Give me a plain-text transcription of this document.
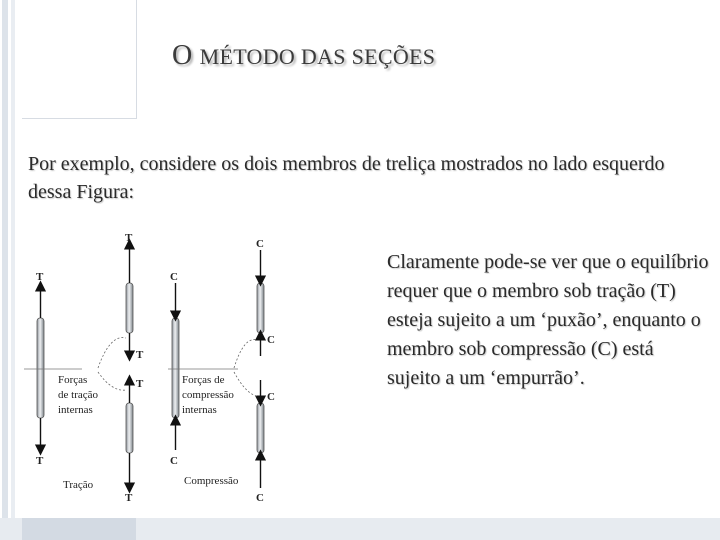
O MÉTODO DAS SEÇÕES

Por exemplo, considere os dois membros de treliça mostrados no lado esquerdo dessa Figura:

T
T
T
T
T
T
Forças
de tração
internas
C
C
C
C
C
C
Forças de
compressão
internas
Tração	Compressão

Claramente pode-se ver que o equilíbrio requer que o membro sob tração (T) esteja sujeito a um ‘puxão’, enquanto o membro sob compressão (C) está sujeito a um ‘empurrão’.
